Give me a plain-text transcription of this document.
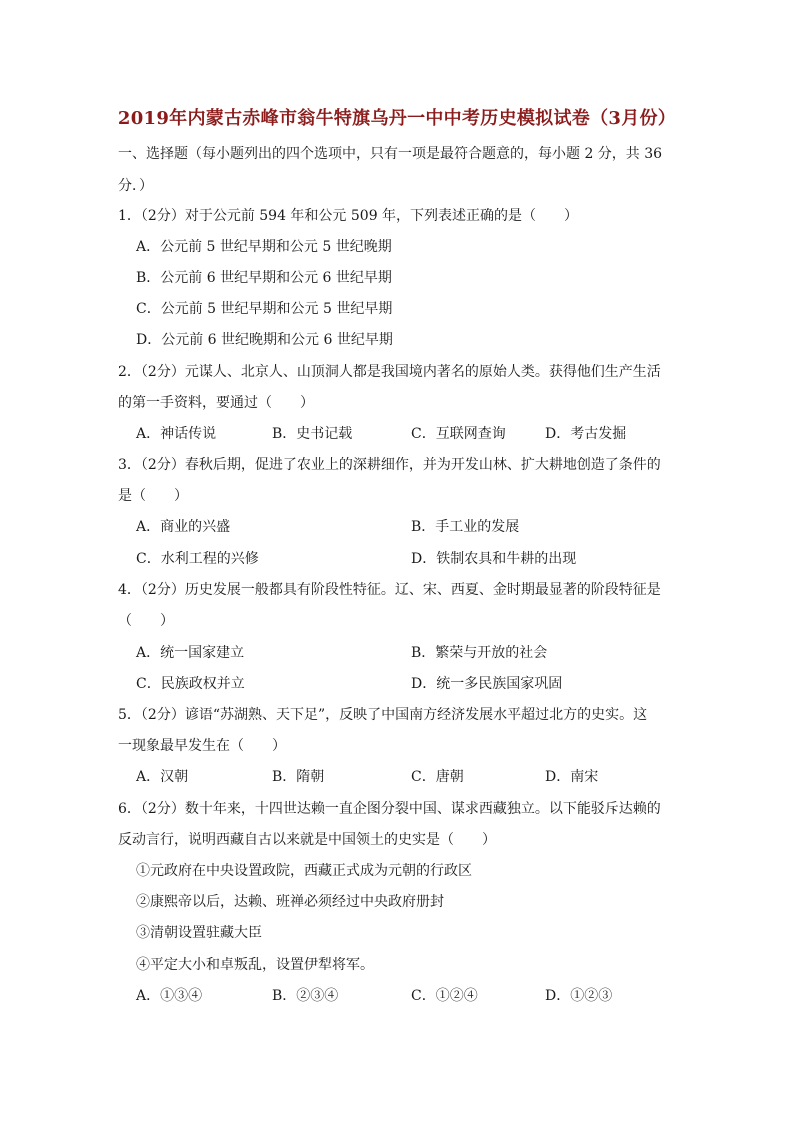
2019年内蒙古赤峰市翁牛特旗乌丹一中中考历史模拟试卷（3月份）
一、选择题（每小题列出的四个选项中，只有一项是最符合题意的，每小题 2 分，共 36
分．）
1．（2分）对于公元前 594 年和公元 509 年，下列表述正确的是（　　）
A．公元前 5 世纪早期和公元 5 世纪晚期
B．公元前 6 世纪早期和公元 6 世纪早期
C．公元前 5 世纪早期和公元 5 世纪早期
D．公元前 6 世纪晚期和公元 6 世纪早期
2．（2分）元谋人、北京人、山顶洞人都是我国境内著名的原始人类。获得他们生产生活
的第一手资料，要通过（　　）
A．神话传说	B．史书记载	C．互联网查询	D．考古发掘
3．（2分）春秋后期，促进了农业上的深耕细作，并为开发山林、扩大耕地创造了条件的
是（　　）
A．商业的兴盛	B．手工业的发展
C．水利工程的兴修	D．铁制农具和牛耕的出现
4．（2分）历史发展一般都具有阶段性特征。辽、宋、西夏、金时期最显著的阶段特征是
（　　）
A．统一国家建立	B．繁荣与开放的社会
C．民族政权并立	D．统一多民族国家巩固
5．（2分）谚语“苏湖熟、天下足”，反映了中国南方经济发展水平超过北方的史实。这
一现象最早发生在（　　）
A．汉朝	B．隋朝	C．唐朝	D．南宋
6．（2分）数十年来，十四世达赖一直企图分裂中国、谋求西藏独立。以下能驳斥达赖的
反动言行，说明西藏自古以来就是中国领土的史实是（　　）
①元政府在中央设置政院，西藏正式成为元朝的行政区
②康熙帝以后，达赖、班禅必须经过中央政府册封
③清朝设置驻藏大臣
④平定大小和卓叛乱，设置伊犁将军。
A．①③④	B．②③④	C．①②④	D．①②③
